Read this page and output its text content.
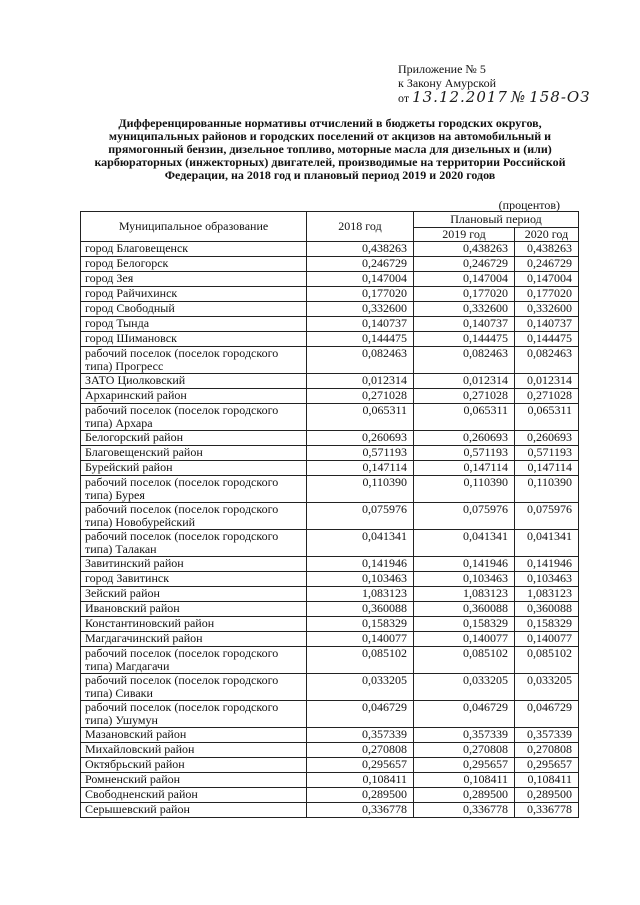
Приложение № 5
к Закону Амурской
от 13.12.2017 № 158-ОЗ
Дифференцированные нормативы отчислений в бюджеты городских округов, муниципальных районов и городских поселений от акцизов на автомобильный и прямогонный бензин, дизельное топливо, моторные масла для дизельных и (или) карбюраторных (инжекторных) двигателей, производимые на территории Российской Федерации, на 2018 год и плановый период 2019 и 2020 годов
(процентов)
Муниципальное образование	2018 год	Плановый период	
		2019 год	2020 год
город Благовещенск	0,438263	0,438263	0,438263
город Белогорск	0,246729	0,246729	0,246729
город Зея	0,147004	0,147004	0,147004
город Райчихинск	0,177020	0,177020	0,177020
город Свободный	0,332600	0,332600	0,332600
город Тында	0,140737	0,140737	0,140737
город Шимановск	0,144475	0,144475	0,144475
рабочий поселок (поселок городского типа) Прогресс	0,082463	0,082463	0,082463
ЗАТО Циолковский	0,012314	0,012314	0,012314
Архаринский район	0,271028	0,271028	0,271028
рабочий поселок (поселок городского типа) Архара	0,065311	0,065311	0,065311
Белогорский район	0,260693	0,260693	0,260693
Благовещенский район	0,571193	0,571193	0,571193
Бурейский район	0,147114	0,147114	0,147114
рабочий поселок (поселок городского типа) Бурея	0,110390	0,110390	0,110390
рабочий поселок (поселок городского типа) Новобурейский	0,075976	0,075976	0,075976
рабочий поселок (поселок городского типа) Талакан	0,041341	0,041341	0,041341
Завитинский район	0,141946	0,141946	0,141946
город Завитинск	0,103463	0,103463	0,103463
Зейский район	1,083123	1,083123	1,083123
Ивановский район	0,360088	0,360088	0,360088
Константиновский район	0,158329	0,158329	0,158329
Магдагачинский район	0,140077	0,140077	0,140077
рабочий поселок (поселок городского типа) Магдагачи	0,085102	0,085102	0,085102
рабочий поселок (поселок городского типа) Сиваки	0,033205	0,033205	0,033205
рабочий поселок (поселок городского типа) Ушумун	0,046729	0,046729	0,046729
Мазановский район	0,357339	0,357339	0,357339
Михайловский район	0,270808	0,270808	0,270808
Октябрьский район	0,295657	0,295657	0,295657
Ромненский район	0,108411	0,108411	0,108411
Свободненский район	0,289500	0,289500	0,289500
Серышевский район	0,336778	0,336778	0,336778
